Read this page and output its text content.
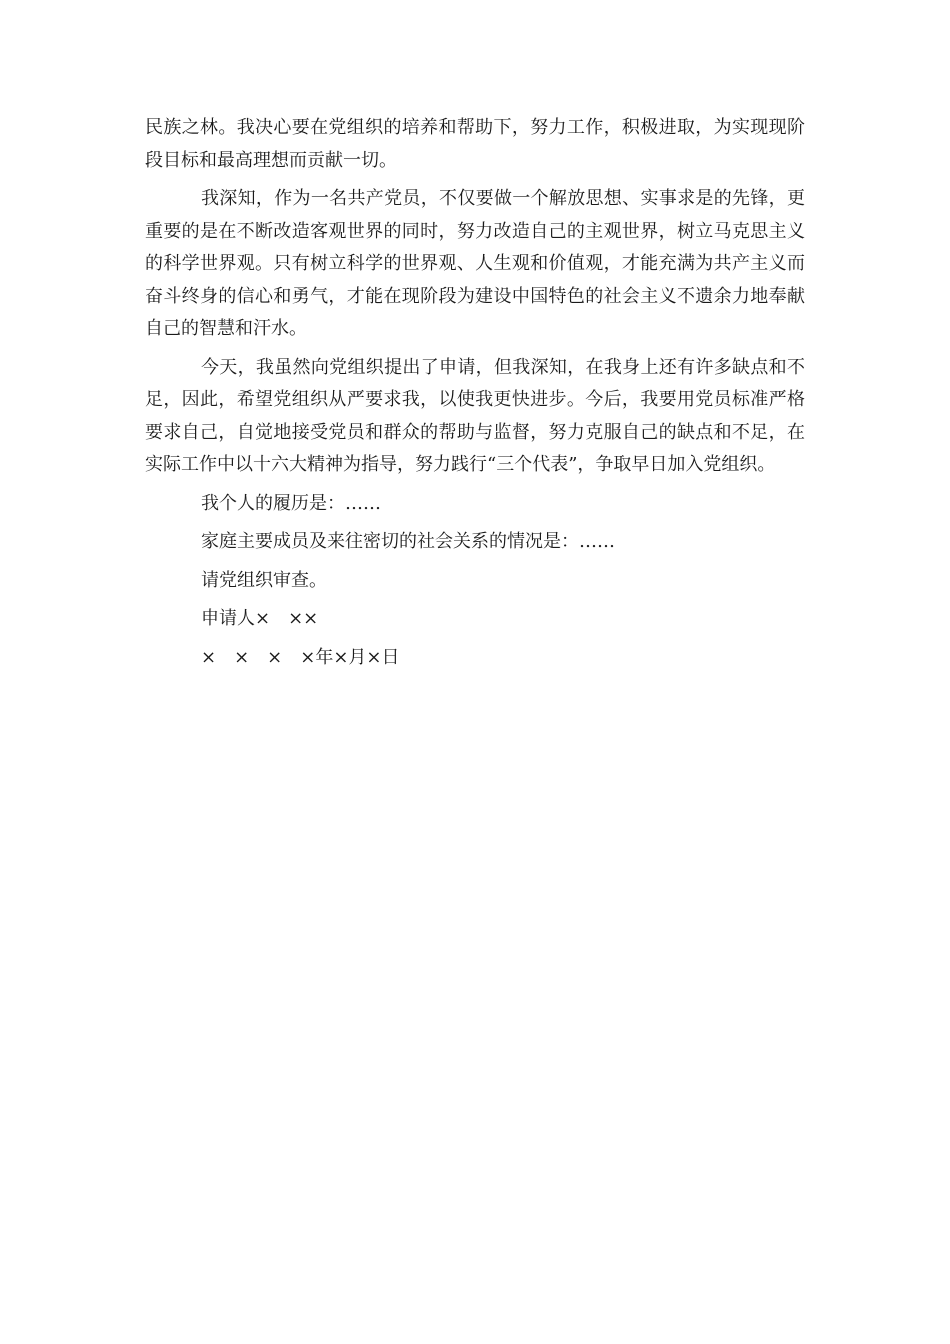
民族之林。我决心要在党组织的培养和帮助下，努力工作，积极进取，为实现现阶段目标和最高理想而贡献一切。

我深知，作为一名共产党员，不仅要做一个解放思想、实事求是的先锋，更重要的是在不断改造客观世界的同时，努力改造自己的主观世界，树立马克思主义的科学世界观。只有树立科学的世界观、人生观和价值观，才能充满为共产主义而奋斗终身的信心和勇气，才能在现阶段为建设中国特色的社会主义不遗余力地奉献自己的智慧和汗水。

今天，我虽然向党组织提出了申请，但我深知，在我身上还有许多缺点和不足，因此，希望党组织从严要求我，以使我更快进步。今后，我要用党员标准严格要求自己，自觉地接受党员和群众的帮助与监督，努力克服自己的缺点和不足，在实际工作中以十六大精神为指导，努力践行“三个代表”，争取早日加入党组织。

我个人的履历是：……

家庭主要成员及来往密切的社会关系的情况是：……

请党组织审查。

申请人×　××

×　×　×　×年×月×日
